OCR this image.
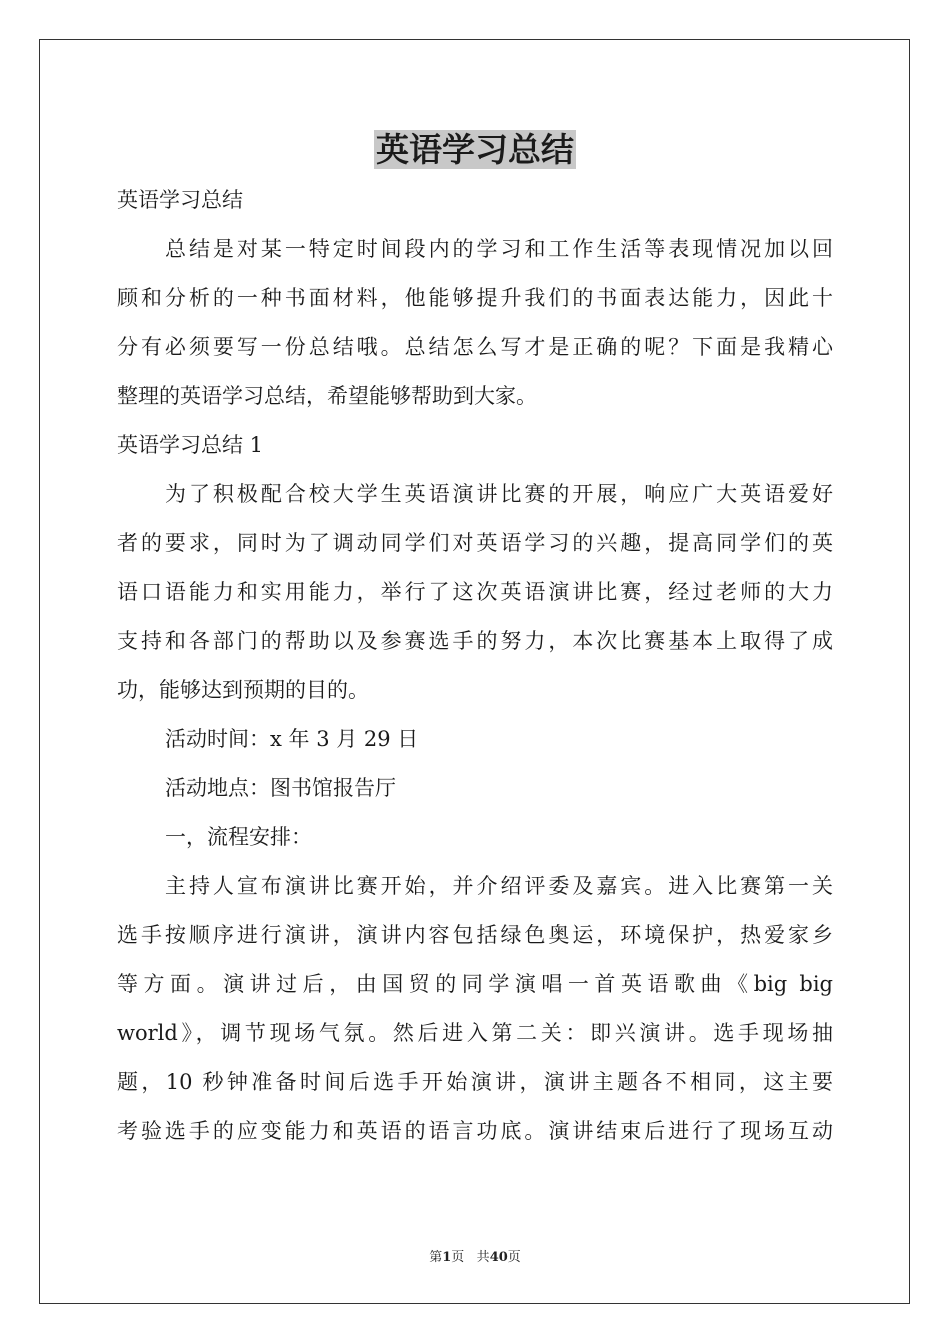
英语学习总结

英语学习总结

总结是对某一特定时间段内的学习和工作生活等表现情况加以回

顾和分析的一种书面材料，他能够提升我们的书面表达能力，因此十

分有必须要写一份总结哦。总结怎么写才是正确的呢？下面是我精心

整理的英语学习总结，希望能够帮助到大家。

英语学习总结 1

为了积极配合校大学生英语演讲比赛的开展，响应广大英语爱好

者的要求，同时为了调动同学们对英语学习的兴趣，提高同学们的英

语口语能力和实用能力，举行了这次英语演讲比赛，经过老师的大力

支持和各部门的帮助以及参赛选手的努力，本次比赛基本上取得了成

功，能够达到预期的目的。

活动时间：x 年 3 月 29 日

活动地点：图书馆报告厅

一，流程安排：

主持人宣布演讲比赛开始，并介绍评委及嘉宾。进入比赛第一关

选手按顺序进行演讲，演讲内容包括绿色奥运，环境保护，热爱家乡

等方面。演讲过后，由国贸的同学演唱一首英语歌曲《big big

world》，调节现场气氛。然后进入第二关：即兴演讲。选手现场抽

题，10 秒钟准备时间后选手开始演讲，演讲主题各不相同，这主要

考验选手的应变能力和英语的语言功底。演讲结束后进行了现场互动

第1页 共40页
